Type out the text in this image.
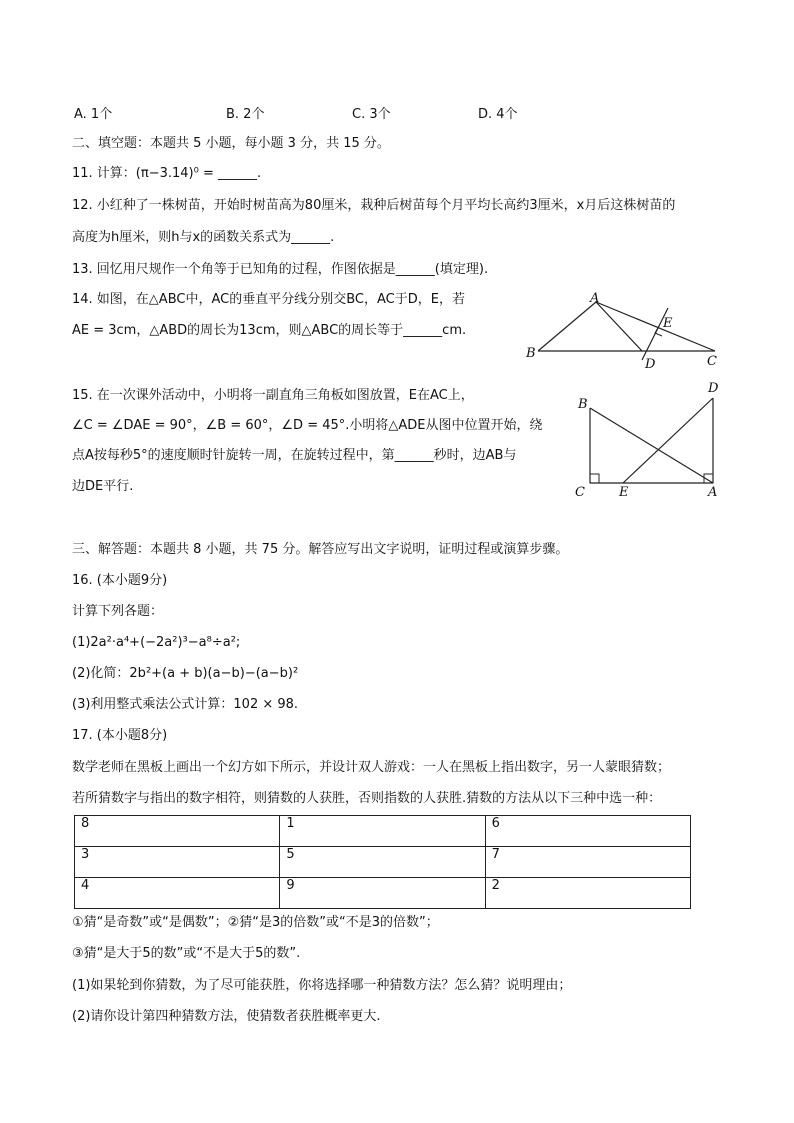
A. 1个	B. 2个	C. 3个	D. 4个
二、填空题：本题共 5 小题，每小题 3 分，共 15 分。
11. 计算：(π−3.14)⁰ = ______.
12. 小红种了一株树苗，开始时树苗高为80厘米，栽种后树苗每个月平均长高约3厘米，x月后这株树苗的
高度为h厘米，则h与x的函数关系式为______.
13. 回忆用尺规作一个角等于已知角的过程，作图依据是______(填定理).
14. 如图，在△ABC中，AC的垂直平分线分别交BC，AC于D，E，若
AE = 3cm，△ABD的周长为13cm，则△ABC的周长等于______cm.
A
B
C
D
E
15. 在一次课外活动中，小明将一副直角三角板如图放置，E在AC上，
∠C = ∠DAE = 90°，∠B = 60°，∠D = 45°.小明将△ADE从图中位置开始，绕
点A按每秒5°的速度顺时针旋转一周，在旋转过程中，第______秒时，边AB与
边DE平行.
B
C	E	A
D
三、解答题：本题共 8 小题，共 75 分。解答应写出文字说明，证明过程或演算步骤。
16. (本小题9分)
计算下列各题：
(1)2a²·a⁴+(−2a²)³−a⁸÷a²;
(2)化简：2b²+(a + b)(a−b)−(a−b)²
(3)利用整式乘法公式计算：102 × 98.
17. (本小题8分)
数学老师在黑板上画出一个幻方如下所示，并设计双人游戏：一人在黑板上指出数字，另一人蒙眼猜数；
若所猜数字与指出的数字相符，则猜数的人获胜，否则指数的人获胜.猜数的方法从以下三种中选一种：
8	1	6
3	5	7
4	9	2
①猜“是奇数”或“是偶数”；②猜“是3的倍数”或“不是3的倍数”；
③猜“是大于5的数”或“不是大于5的数”.
(1)如果轮到你猜数，为了尽可能获胜，你将选择哪一种猜数方法？怎么猜？说明理由；
(2)请你设计第四种猜数方法，使猜数者获胜概率更大.
